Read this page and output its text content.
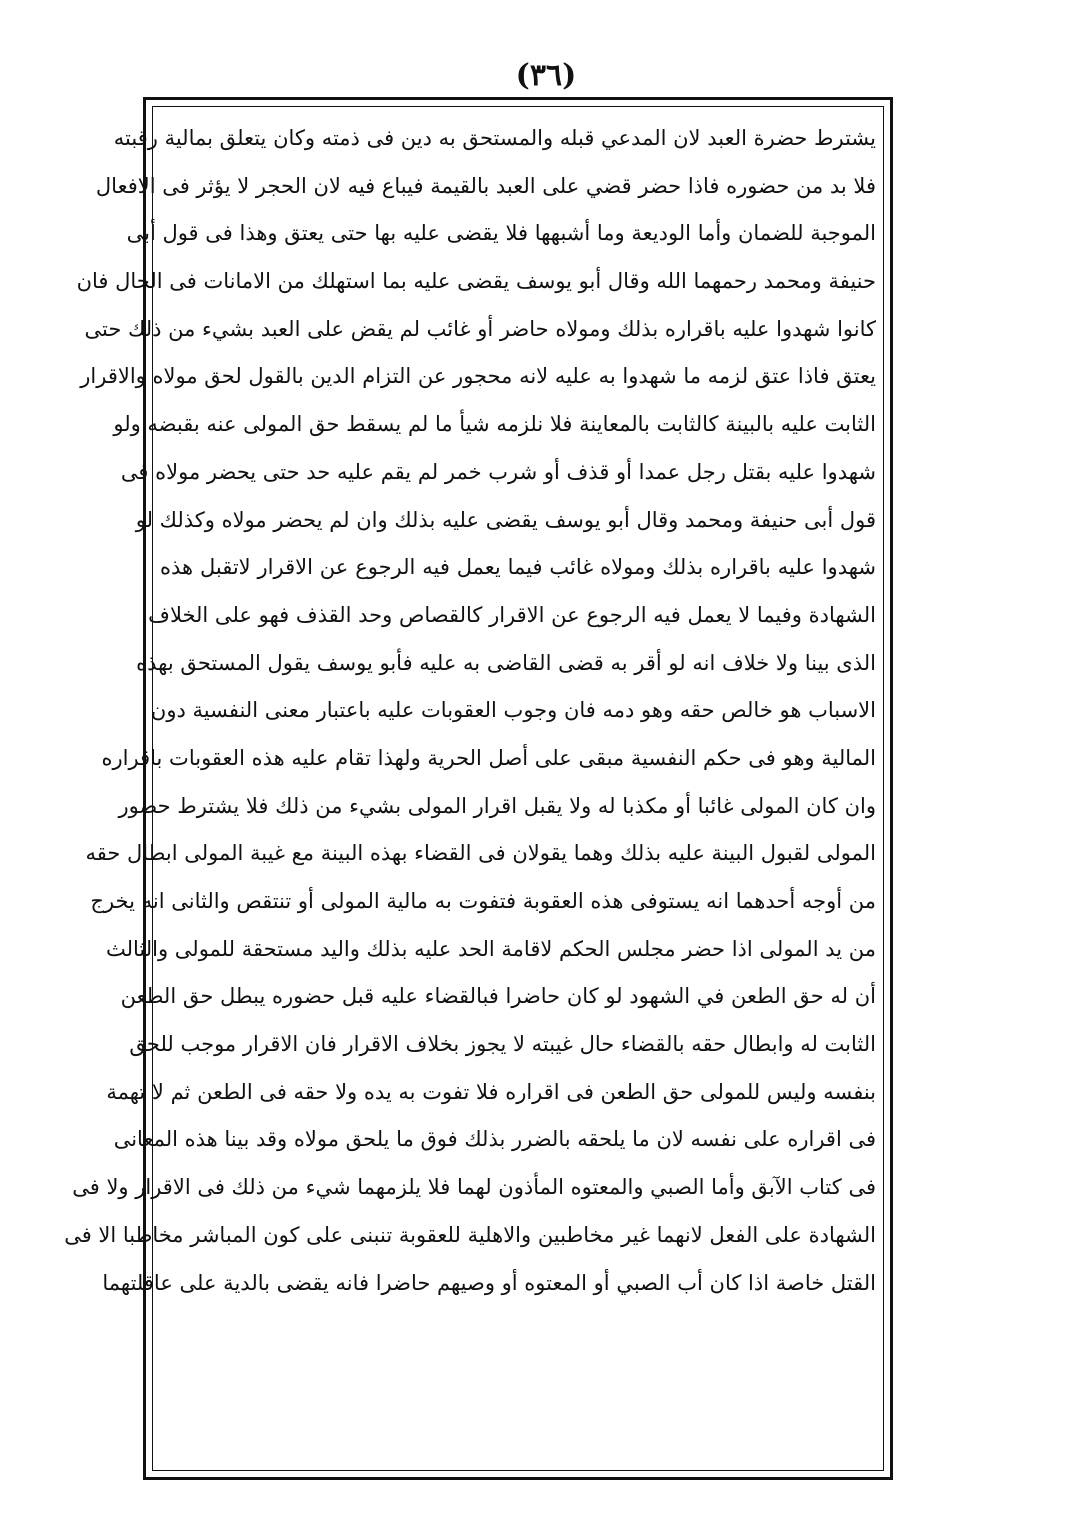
(٣٦)
يشترط حضرة العبد لان المدعي قبله والمستحق به دين فى ذمته وكان يتعلق بمالية رقبته
فلا بد من حضوره فاذا حضر قضي على العبد بالقيمة فيباع فيه لان الحجر لا يؤثر فى الافعال
الموجبة للضمان وأما الوديعة وما أشبهها فلا يقضى عليه بها حتى يعتق وهذا فى قول أبى
حنيفة ومحمد رحمهما الله وقال أبو يوسف يقضى عليه بما استهلك من الامانات فى الحال فان
كانوا شهدوا عليه باقراره بذلك ومولاه حاضر أو غائب لم يقض على العبد بشيء من ذلك حتى
يعتق فاذا عتق لزمه ما شهدوا به عليه لانه محجور عن التزام الدين بالقول لحق مولاه والاقرار
الثابت عليه بالبينة كالثابت بالمعاينة فلا نلزمه شيأ ما لم يسقط حق المولى عنه بقبضه ولو
شهدوا عليه بقتل رجل عمدا أو قذف أو شرب خمر لم يقم عليه حد حتى يحضر مولاه فى
قول أبى حنيفة ومحمد وقال أبو يوسف يقضى عليه بذلك وان لم يحضر مولاه وكذلك لو
شهدوا عليه باقراره بذلك ومولاه غائب فيما يعمل فيه الرجوع عن الاقرار لاتقبل هذه
الشهادة وفيما لا يعمل فيه الرجوع عن الاقرار كالقصاص وحد القذف فهو على الخلاف
الذى بينا ولا خلاف انه لو أقر به قضى القاضى به عليه فأبو يوسف يقول المستحق بهذه
الاسباب هو خالص حقه وهو دمه فان وجوب العقوبات عليه باعتبار معنى النفسية دون
المالية وهو فى حكم النفسية مبقى على أصل الحرية ولهذا تقام عليه هذه العقوبات باقراره
وان كان المولى غائبا أو مكذبا له ولا يقبل اقرار المولى بشيء من ذلك فلا يشترط حضور
المولى لقبول البينة عليه بذلك وهما يقولان فى القضاء بهذه البينة مع غيبة المولى ابطال حقه
من أوجه أحدهما انه يستوفى هذه العقوبة فتفوت به مالية المولى أو تنتقص والثانى انه يخرج
من يد المولى اذا حضر مجلس الحكم لاقامة الحد عليه بذلك واليد مستحقة للمولى والثالث
أن له حق الطعن في الشهود لو كان حاضرا فبالقضاء عليه قبل حضوره يبطل حق الطعن
الثابت له وابطال حقه بالقضاء حال غيبته لا يجوز بخلاف الاقرار فان الاقرار موجب للحق
بنفسه وليس للمولى حق الطعن فى اقراره فلا تفوت به يده ولا حقه فى الطعن ثم لا تهمة
فى اقراره على نفسه لان ما يلحقه بالضرر بذلك فوق ما يلحق مولاه وقد بينا هذه المعانى
فى كتاب الآبق وأما الصبي والمعتوه المأذون لهما فلا يلزمهما شيء من ذلك فى الاقرار ولا فى
الشهادة على الفعل لانهما غير مخاطبين والاهلية للعقوبة تنبنى على كون المباشر مخاطبا الا فى
القتل خاصة اذا كان أب الصبي أو المعتوه أو وصيهم حاضرا فانه يقضى بالدية على عاقلتهما
